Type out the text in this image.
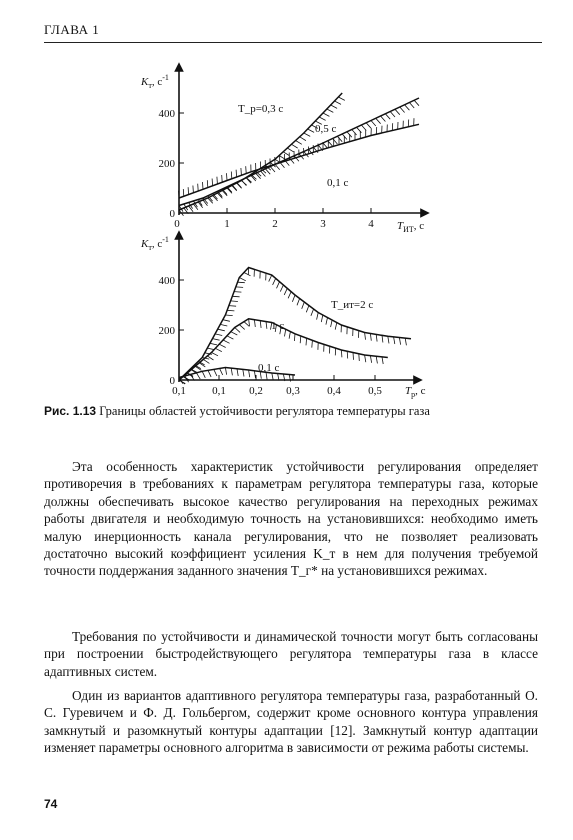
ГЛАВА 1
0	1	2	3	4
0
200
400
$K_т$, $с^{-1}$
$T_{ИТ}$, с
T_р=0,3 с
0,5 с
0,1 с
0,1 0,1 0,2 0,3 0,4 0,5
0
200
400
$K_т$, $с^{-1}$
$T_р$, с
T_ит=2 с
1 с
0,1 с
Рис. 1.13 Границы областей устойчивости регулятора температуры газа

Эта особенность характеристик устойчивости регулирования определяет противоречия в требованиях к параметрам регулятора температуры газа, которые должны обеспечивать высокое качество регулирования на переходных режимах работы двигателя и необходимую точность на установившихся: необходимо иметь малую инерционность канала регулирования, что не позволяет реализовать достаточно высокий коэффициент усиления K_т в нем для получения требуемой точности поддержания заданного значения T_г* на установившихся режимах.

Требования по устойчивости и динамической точности могут быть согласованы при построении быстродействующего регулятора температуры газа в классе адаптивных систем.

Один из вариантов адаптивного регулятора температуры газа, разработанный О. С. Гуревичем и Ф. Д. Гольбергом, содержит кроме основного контура управления замкнутый и разомкнутый контуры адаптации [12]. Замкнутый контур адаптации изменяет параметры основного алгоритма в зависимости от режима работы системы.

74
